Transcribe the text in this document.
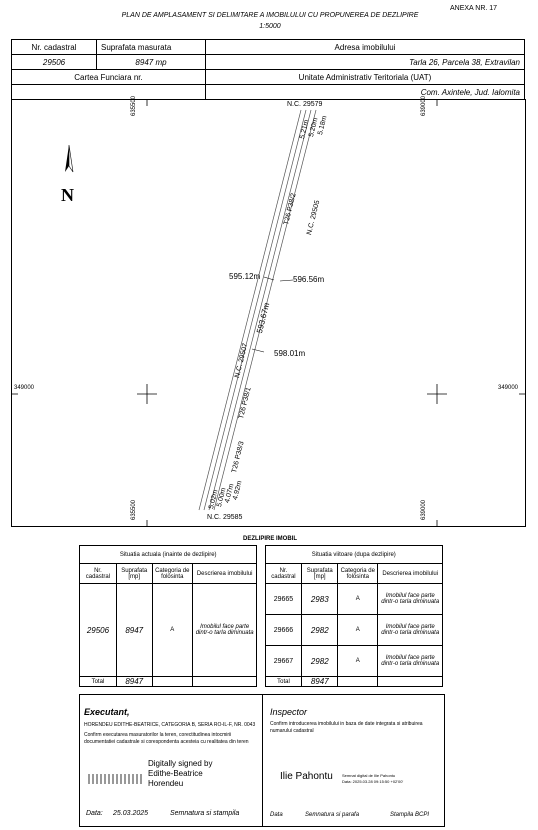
PLAN DE AMPLASAMENT SI DELIMITARE A IMOBILULUI CU PROPUNEREA DE DEZLIPIRE
ANEXA NR. 17
1:5000
Nr. cadastral	Suprafata masurata	Adresa imobilului
29506	8947 mp	Tarla 26, Parcela 38, Extravilan
Cartea Funciara nr.		Unitate Administrativ Teritoriala (UAT)
		Com. Axintele, Jud. Ialomita
635500	639000
635500	639000
349000	349000
N
N.C. 29579
N.C. 29585
N.C. 29505
N.C. 29507
5.21m
5.20m
5.18m
5.02m
5.00m
4.07m
4.92m
T26 P38/2
T26 P38/1
T26 P38/3
595.12m	596.56m
593.67m
598.01m
DEZLIPIRE IMOBIL
Situatia actuala (inainte de dezlipire)					Situatia viitoare (dupa dezlipire)			
Nr. cadastral	Suprafata [mp]	Categoria de folosinta	Descrierea imobilului		Nr. cadastral	Suprafata [mp]	Categoria de folosinta	Descrierea imobilului
29506	8947	A	Imobilul face parte dintr-o tarla diminuata		29665	2983	A	Imobilul face parte dintr-o tarla diminuata
					29666	2982	A	Imobilul face parte dintr-o tarla diminuata
					29667	2982	A	Imobilul face parte dintr-o tarla diminuata
Total	8947				Total	8947		
Executant,
HORENDEU EDITHE-BEATRICE, CATEGORIA B, SERIA RO-IL-F, NR. 0043
Confirm executarea masuratorilor la teren, corectitudinea intocmirii documentatiei cadastrale si corespondenta acesteia cu realitatea din teren
Digitally signed by Edithe-Beatrice Horendeu
Data: 25.03.2025	Semnatura si stampila
Inspector
Confirm introducerea imobilului in baza de date integrata si atribuirea numarului cadastral
Ilie Pahontu Semnat digital de Ilie Pahontu
Data: 2025.03.28 09:15:50 +02'00'
Data	Semnatura si parafa	Stampila BCPI
